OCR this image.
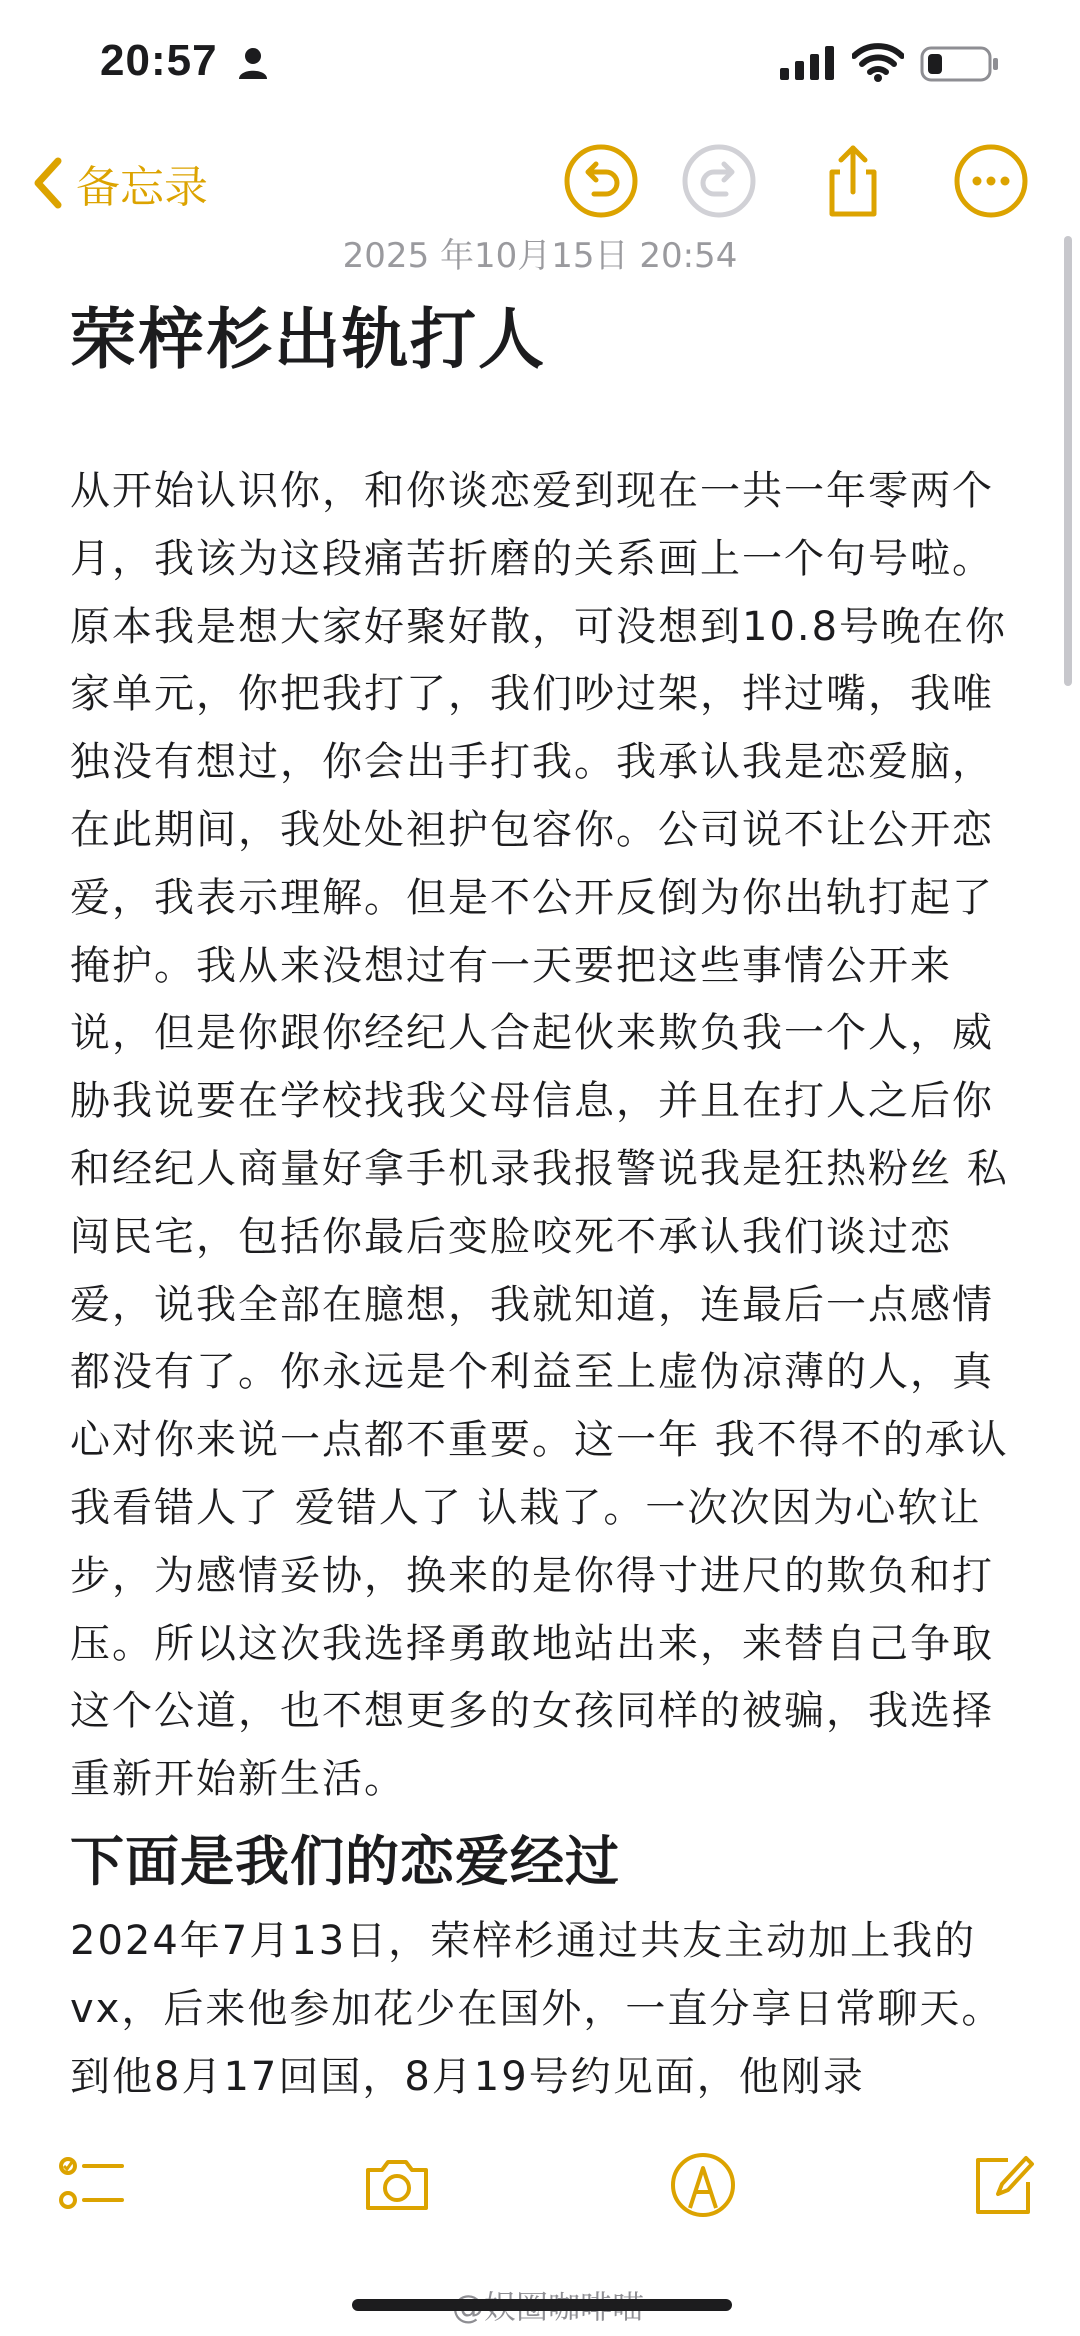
20:57
备忘录
2025 年10月15日 20:54
荣梓杉出轨打人

从开始认识你，和你谈恋爱到现在一共一年零两个月，我该为这段痛苦折磨的关系画上一个句号啦。原本我是想大家好聚好散，可没想到10.8号晚在你家单元，你把我打了，我们吵过架，拌过嘴，我唯独没有想过，你会出手打我。我承认我是恋爱脑，在此期间，我处处袒护包容你。公司说不让公开恋爱，我表示理解。但是不公开反倒为你出轨打起了掩护。我从来没想过有一天要把这些事情公开来说，但是你跟你经纪人合起伙来欺负我一个人，威胁我说要在学校找我父母信息，并且在打人之后你和经纪人商量好拿手机录我报警说我是狂热粉丝 私闯民宅，包括你最后变脸咬死不承认我们谈过恋爱，说我全部在臆想，我就知道，连最后一点感情都没有了。你永远是个利益至上虚伪凉薄的人，真心对你来说一点都不重要。这一年 我不得不的承认我看错人了 爱错人了 认栽了。一次次因为心软让步，为感情妥协，换来的是你得寸进尺的欺负和打压。所以这次我选择勇敢地站出来，来替自己争取这个公道，也不想更多的女孩同样的被骗，我选择重新开始新生活。

下面是我们的恋爱经过

2024年7月13日，荣梓杉通过共友主动加上我的vx，后来他参加花少在国外，一直分享日常聊天。到他8月17回国，8月19号约见面，他刚录
